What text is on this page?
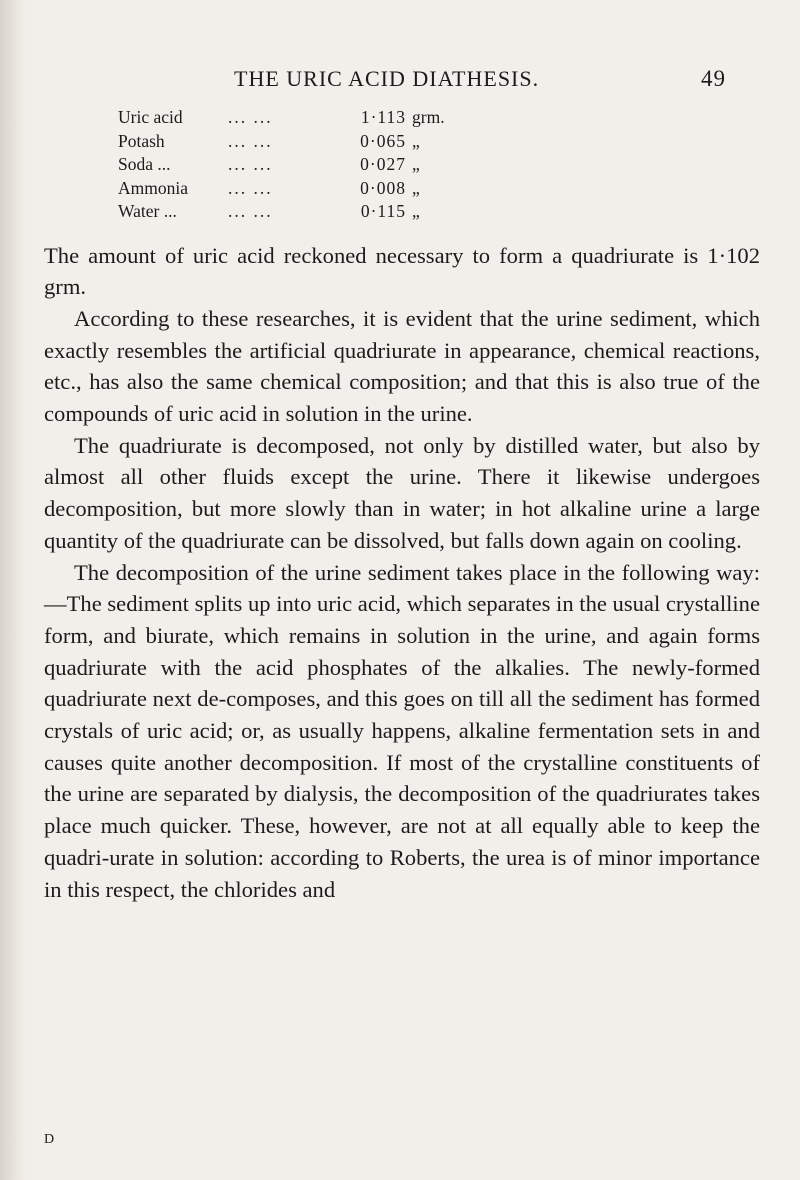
THE URIC ACID DIATHESIS.	49
Uric acid	... ...	1·113	grm.
Potash	... ...	0·065	„
Soda ...	... ...	0·027	„
Ammonia	... ...	0·008	„
Water ...	... ...	0·115	„

The amount of uric acid reckoned necessary to form a quadriurate is 1·102 grm.

According to these researches, it is evident that the urine sediment, which exactly resembles the artificial quadriurate in appearance, chemical reactions, etc., has also the same chemical composition; and that this is also true of the compounds of uric acid in solution in the urine.

The quadriurate is decomposed, not only by distilled water, but also by almost all other fluids except the urine. There it likewise undergoes decomposition, but more slowly than in water; in hot alkaline urine a large quantity of the quadriurate can be dissolved, but falls down again on cooling.

The decomposition of the urine sediment takes place in the following way:—The sediment splits up into uric acid, which separates in the usual crystalline form, and biurate, which remains in solution in the urine, and again forms quadriurate with the acid phosphates of the alkalies. The newly-formed quadriurate next de-composes, and this goes on till all the sediment has formed crystals of uric acid; or, as usually happens, alkaline fermentation sets in and causes quite another decomposition. If most of the crystalline constituents of the urine are separated by dialysis, the decomposition of the quadriurates takes place much quicker. These, however, are not at all equally able to keep the quadri-urate in solution: according to Roberts, the urea is of minor importance in this respect, the chlorides and

D
